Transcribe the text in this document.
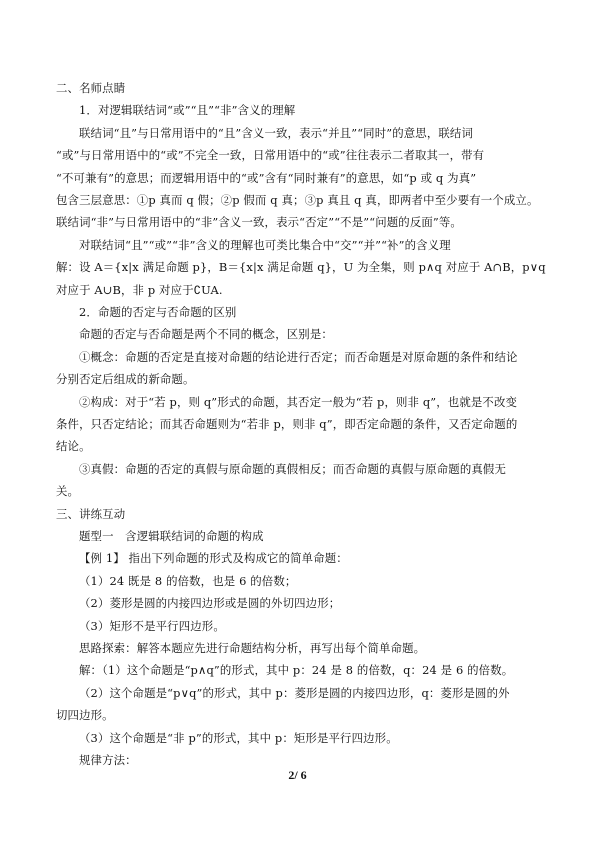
二、名师点睛
1．对逻辑联结词“或”“且”“非”含义的理解
联结词“且”与日常用语中的“且”含义一致，表示“并且”“同时”的意思，联结词
“或”与日常用语中的“或”不完全一致，日常用语中的“或”往往表示二者取其一，带有
“不可兼有”的意思；而逻辑用语中的“或”含有“同时兼有”的意思，如“p 或 q 为真”
包含三层意思：①p 真而 q 假；②p 假而 q 真；③p 真且 q 真，即两者中至少要有一个成立。
联结词“非”与日常用语中的“非”含义一致，表示“否定”“不是”“问题的反面”等。
对联结词“且”“或”“非”含义的理解也可类比集合中“交”“并”“补”的含义理
解：设 A＝{x|x 满足命题 p}，B＝{x|x 满足命题 q}，U 为全集，则 p∧q 对应于 A∩B，p∨q
对应于 A∪B，非 p 对应于∁UA.
2．命题的否定与否命题的区别
命题的否定与否命题是两个不同的概念，区别是：
①概念：命题的否定是直接对命题的结论进行否定；而否命题是对原命题的条件和结论
分别否定后组成的新命题。
②构成：对于“若 p，则 q”形式的命题，其否定一般为“若 p，则非 q”，也就是不改变
条件，只否定结论；而其否命题则为“若非 p，则非 q”，即否定命题的条件，又否定命题的
结论。
③真假：命题的否定的真假与原命题的真假相反；而否命题的真假与原命题的真假无
关。
三、讲练互动
题型一　含逻辑联结词的命题的构成
【例 1】 指出下列命题的形式及构成它的简单命题：
（1）24 既是 8 的倍数，也是 6 的倍数；
（2）菱形是圆的内接四边形或是圆的外切四边形；
（3）矩形不是平行四边形。
思路探索：解答本题应先进行命题结构分析，再写出每个简单命题。
解：（1）这个命题是“p∧q”的形式，其中 p：24 是 8 的倍数，q：24 是 6 的倍数。
（2）这个命题是“p∨q”的形式，其中 p：菱形是圆的内接四边形，q：菱形是圆的外
切四边形。
（3）这个命题是“非 p”的形式，其中 p：矩形是平行四边形。
规律方法：
2/ 6
